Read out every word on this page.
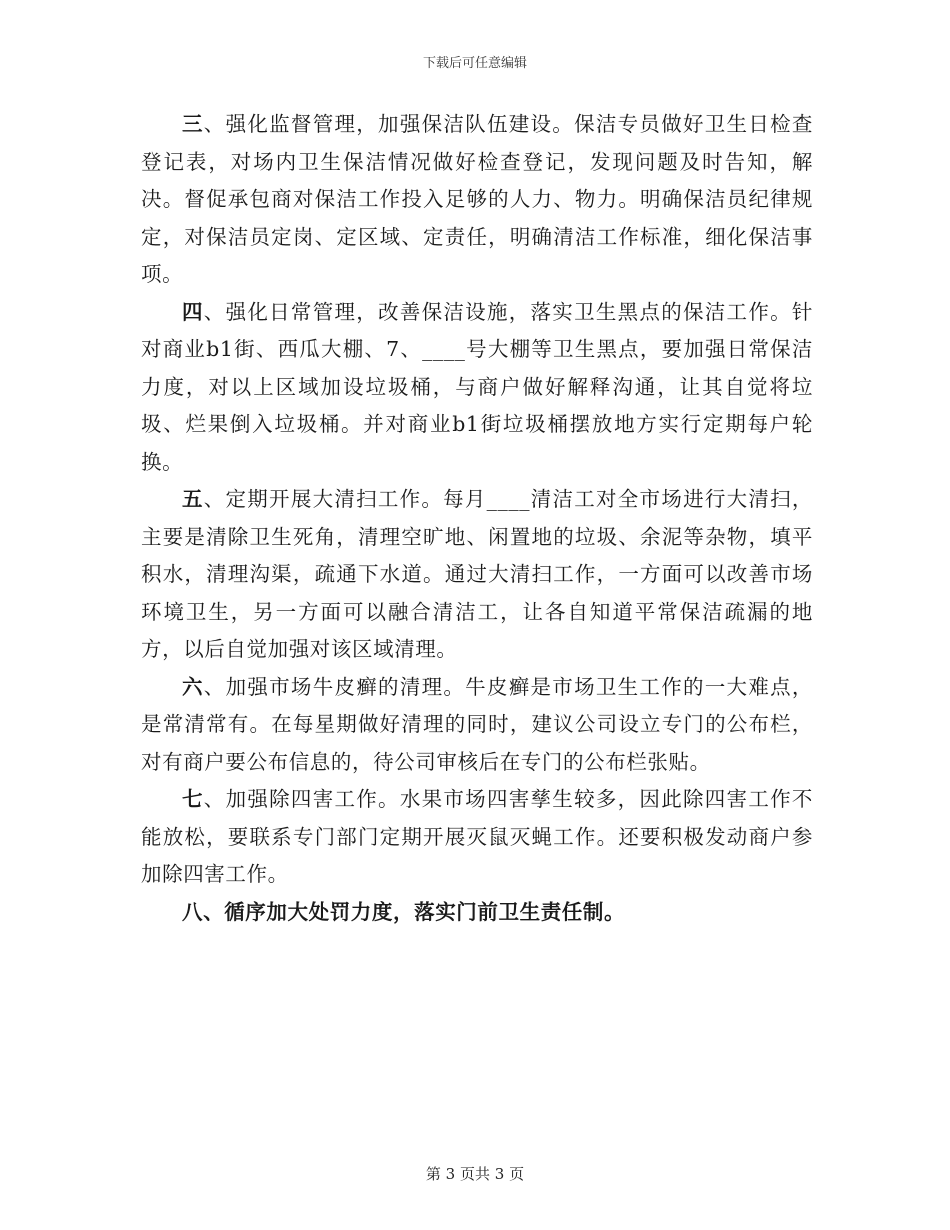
下载后可任意编辑

三、强化监督管理，加强保洁队伍建设。保洁专员做好卫生日检查登记表，对场内卫生保洁情况做好检查登记，发现问题及时告知，解决。督促承包商对保洁工作投入足够的人力、物力。明确保洁员纪律规定，对保洁员定岗、定区域、定责任，明确清洁工作标准，细化保洁事项。

四、强化日常管理，改善保洁设施，落实卫生黑点的保洁工作。针对商业b1街、西瓜大棚、7、____号大棚等卫生黑点，要加强日常保洁力度，对以上区域加设垃圾桶，与商户做好解释沟通，让其自觉将垃圾、烂果倒入垃圾桶。并对商业b1街垃圾桶摆放地方实行定期每户轮换。

五、定期开展大清扫工作。每月____清洁工对全市场进行大清扫，主要是清除卫生死角，清理空旷地、闲置地的垃圾、余泥等杂物，填平积水，清理沟渠，疏通下水道。通过大清扫工作，一方面可以改善市场环境卫生，另一方面可以融合清洁工，让各自知道平常保洁疏漏的地方，以后自觉加强对该区域清理。

六、加强市场牛皮癣的清理。牛皮癣是市场卫生工作的一大难点，是常清常有。在每星期做好清理的同时，建议公司设立专门的公布栏，对有商户要公布信息的，待公司审核后在专门的公布栏张贴。

七、加强除四害工作。水果市场四害孳生较多，因此除四害工作不能放松，要联系专门部门定期开展灭鼠灭蝇工作。还要积极发动商户参加除四害工作。

八、循序加大处罚力度，落实门前卫生责任制。

第 3 页共 3 页
